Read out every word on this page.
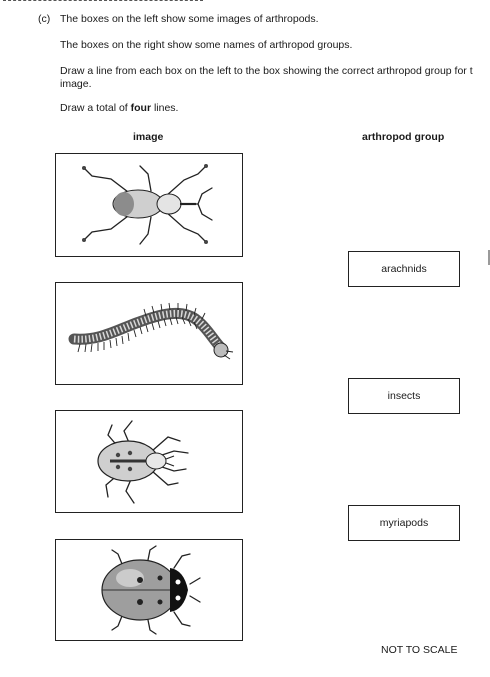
(c) The boxes on the left show some images of arthropods.
The boxes on the right show some names of arthropod groups.
Draw a line from each box on the left to the box showing the correct arthropod group for t
image.
Draw a total of four lines.
image	arthropod group
arachnids
insects
myriapods
NOT TO SCALE
